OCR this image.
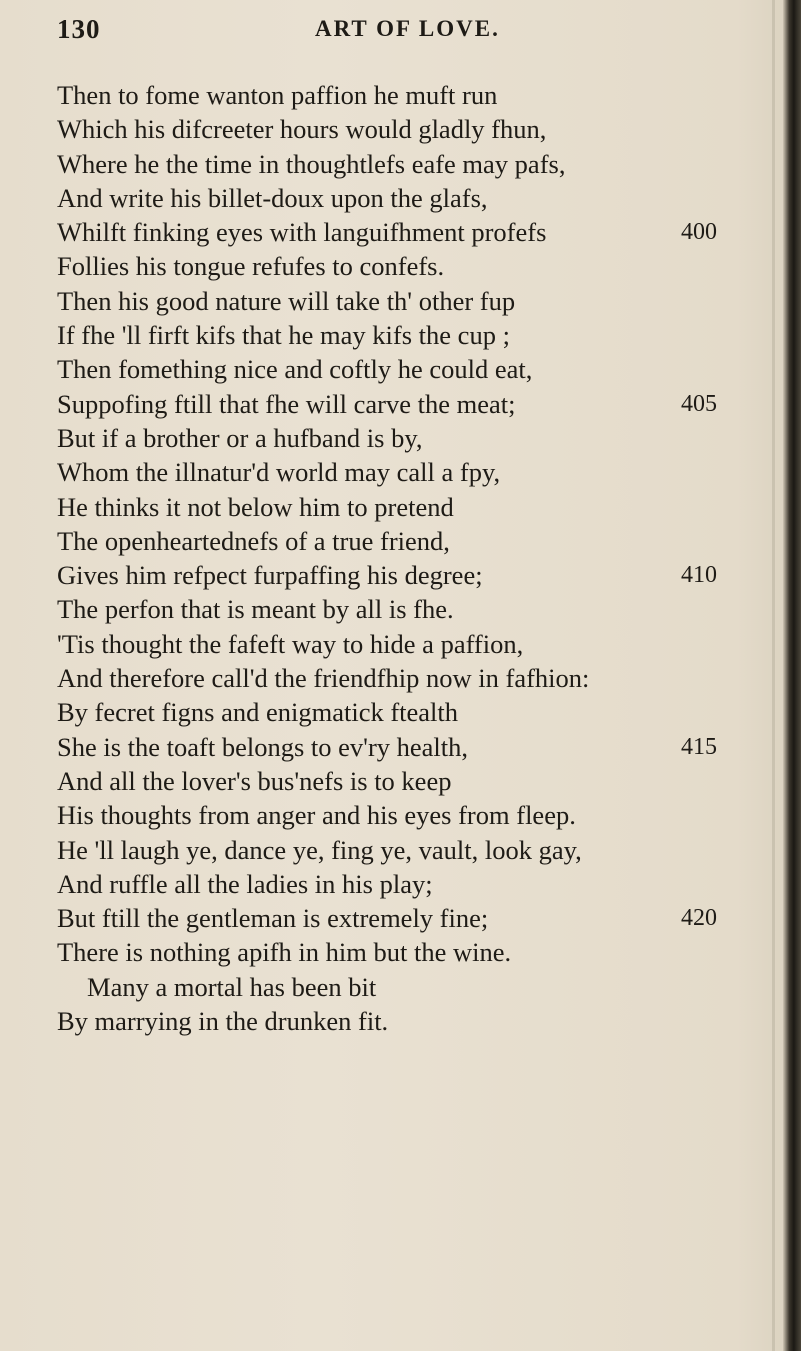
130	ART OF LOVE.
Then to fome wanton paffion he muft run
Which his difcreeter hours would gladly fhun,
Where he the time in thoughtlefs eafe may pafs,
And write his billet-doux upon the glafs,
Whilft finking eyes with languifhment profefs	400
Follies his tongue refufes to confefs.
Then his good nature will take th' other fup
If fhe 'll firft kifs that he may kifs the cup ;
Then fomething nice and coftly he could eat,
Suppofing ftill that fhe will carve the meat;	405
But if a brother or a hufband is by,
Whom the illnatur'd world may call a fpy,
He thinks it not below him to pretend
The openheartednefs of a true friend,
Gives him refpect furpaffing his degree;	410
The perfon that is meant by all is fhe.
'Tis thought the fafeft way to hide a paffion,
And therefore call'd the friendfhip now in fafhion:
By fecret figns and enigmatick ftealth
She is the toaft belongs to ev'ry health,	415
And all the lover's bus'nefs is to keep
His thoughts from anger and his eyes from fleep.
He 'll laugh ye, dance ye, fing ye, vault, look gay,
And ruffle all the ladies in his play;
But ftill the gentleman is extremely fine;	420
There is nothing apifh in him but the wine.
Many a mortal has been bit
By marrying in the drunken fit.
